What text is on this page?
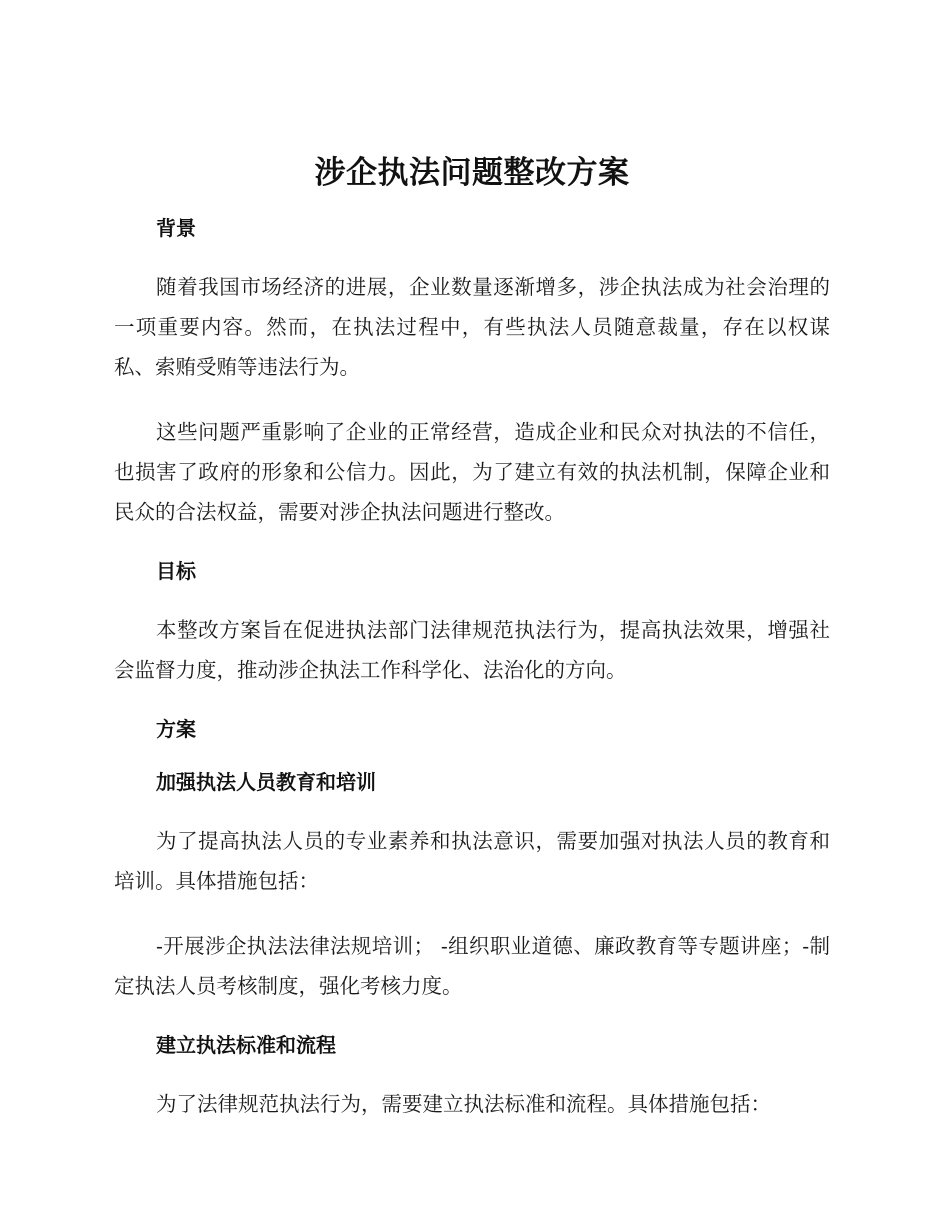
涉企执法问题整改方案
背景

随着我国市场经济的进展，企业数量逐渐增多，涉企执法成为社会治理的一项重要内容。然而，在执法过程中，有些执法人员随意裁量，存在以权谋私、索贿受贿等违法行为。

这些问题严重影响了企业的正常经营，造成企业和民众对执法的不信任，也损害了政府的形象和公信力。因此，为了建立有效的执法机制，保障企业和民众的合法权益，需要对涉企执法问题进行整改。

目标

本整改方案旨在促进执法部门法律规范执法行为，提高执法效果，增强社会监督力度，推动涉企执法工作科学化、法治化的方向。

方案
加强执法人员教育和培训

为了提高执法人员的专业素养和执法意识，需要加强对执法人员的教育和培训。具体措施包括：

-开展涉企执法法律法规培训； -组织职业道德、廉政教育等专题讲座；-制定执法人员考核制度，强化考核力度。

建立执法标准和流程

为了法律规范执法行为，需要建立执法标准和流程。具体措施包括：
